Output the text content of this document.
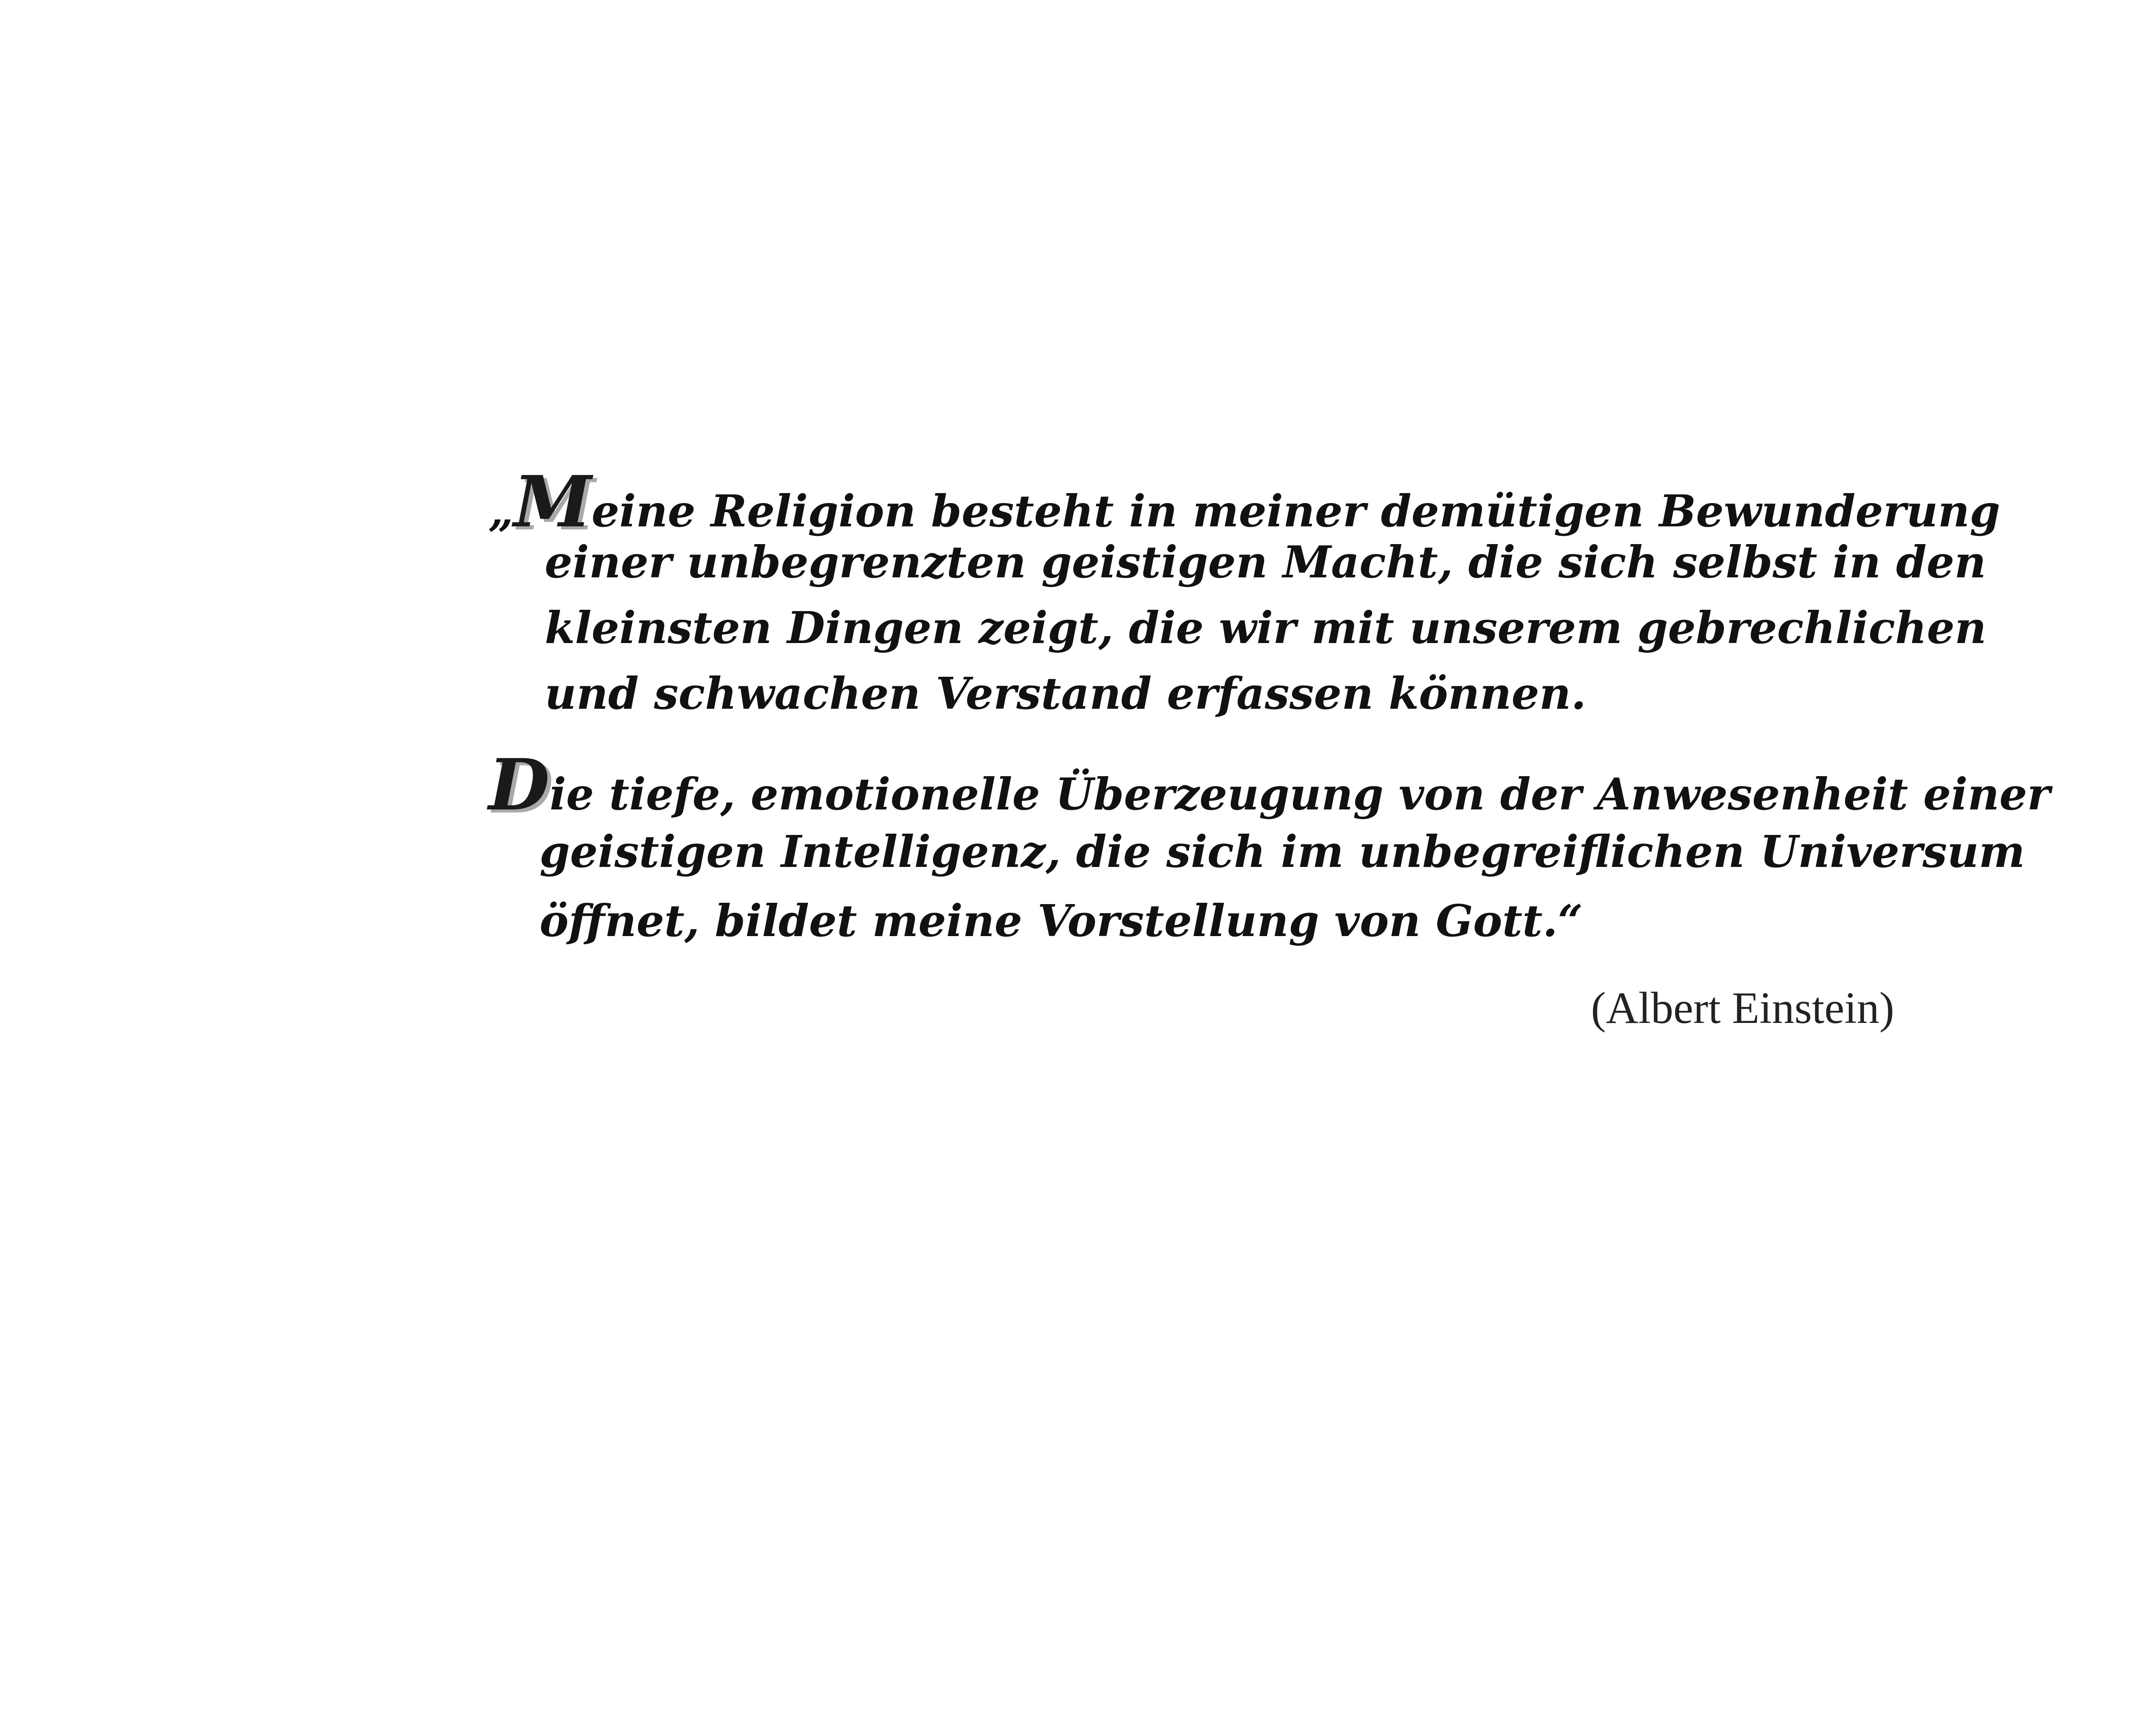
„Meine Religion besteht in meiner demütigen Bewunderung
einer unbegrenzten geistigen Macht, die sich selbst in den
kleinsten Dingen zeigt, die wir mit unserem gebrechlichen
und schwachen Verstand erfassen können.
Die tiefe, emotionelle Überzeugung von der Anwesenheit einer
geistigen Intelligenz, die sich im unbegreiflichen Universum
öffnet, bildet meine Vorstellung von Gott.“
(Albert Einstein)
